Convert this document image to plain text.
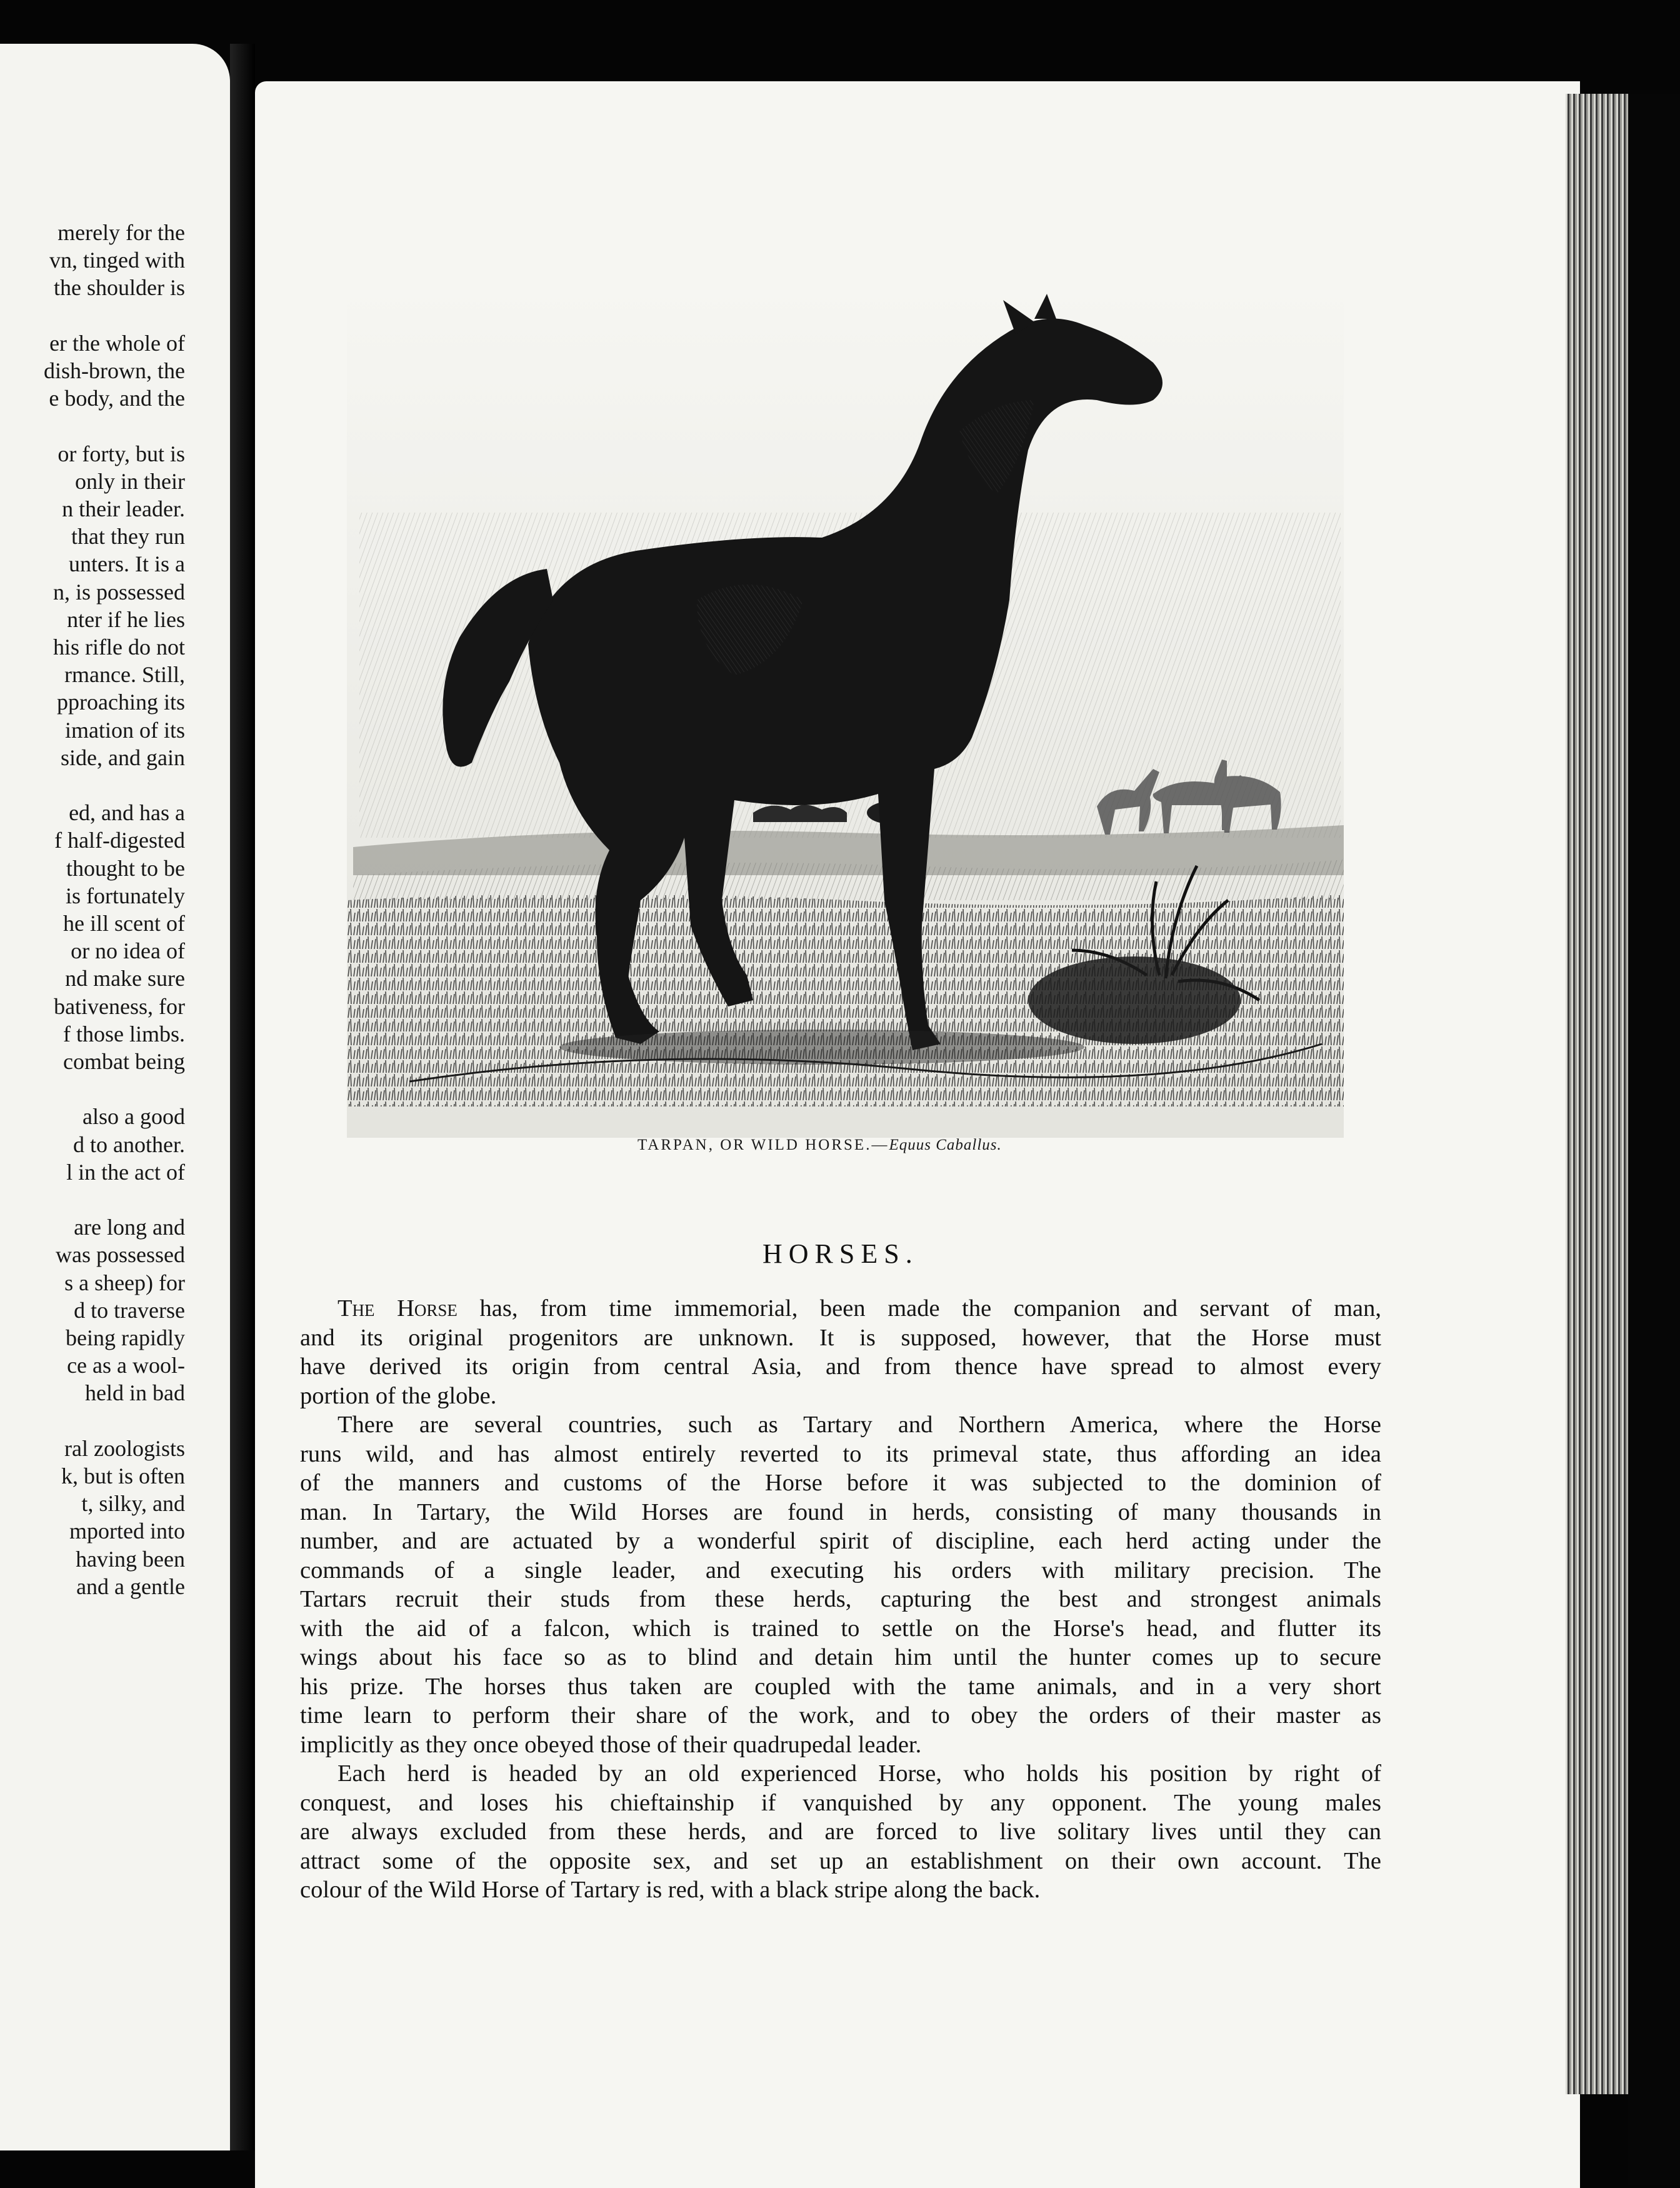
merely for the
vn, tinged with
the shoulder is
er the whole of
dish-brown, the
e body, and the
or forty, but is
only in their
n their leader.
that they run
unters. It is a
n, is possessed
nter if he lies
his rifle do not
rmance. Still,
pproaching its
imation of its
side, and gain
ed, and has a
f half-digested
thought to be
is fortunately
he ill scent of
or no idea of
nd make sure
bativeness, for
f those limbs.
combat being
also a good
d to another.
l in the act of
are long and
was possessed
s a sheep) for
d to traverse
being rapidly
ce as a wool-
held in bad
ral zoologists
k, but is often
t, silky, and
mported into
having been
and a gentle
TARPAN, OR WILD HORSE.—Equus Caballus.
HORSES.
The Horse has, from time immemorial, been made the companion and servant of man,
and its original progenitors are unknown. It is supposed, however, that the Horse must
have derived its origin from central Asia, and from thence have spread to almost every
portion of the globe.
There are several countries, such as Tartary and Northern America, where the Horse
runs wild, and has almost entirely reverted to its primeval state, thus affording an idea
of the manners and customs of the Horse before it was subjected to the dominion of
man. In Tartary, the Wild Horses are found in herds, consisting of many thousands in
number, and are actuated by a wonderful spirit of discipline, each herd acting under the
commands of a single leader, and executing his orders with military precision. The
Tartars recruit their studs from these herds, capturing the best and strongest animals
with the aid of a falcon, which is trained to settle on the Horse's head, and flutter its
wings about his face so as to blind and detain him until the hunter comes up to secure
his prize. The horses thus taken are coupled with the tame animals, and in a very short
time learn to perform their share of the work, and to obey the orders of their master as
implicitly as they once obeyed those of their quadrupedal leader.
Each herd is headed by an old experienced Horse, who holds his position by right of
conquest, and loses his chieftainship if vanquished by any opponent. The young males
are always excluded from these herds, and are forced to live solitary lives until they can
attract some of the opposite sex, and set up an establishment on their own account. The
colour of the Wild Horse of Tartary is red, with a black stripe along the back.
